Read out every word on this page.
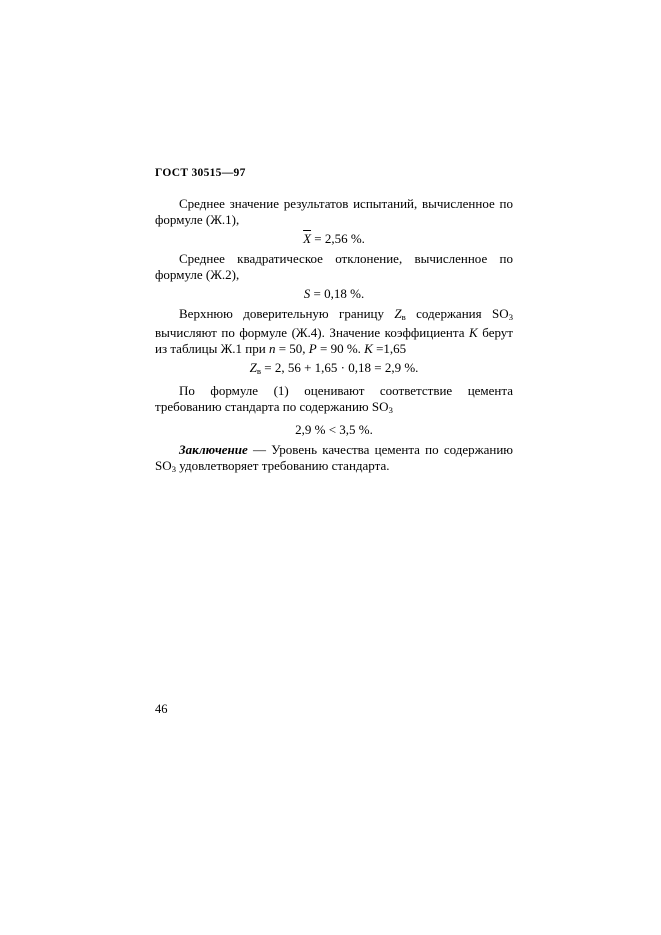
ГОСТ 30515—97

Среднее значение результатов испытаний, вычисленное по формуле (Ж.1),

$\overline{X} = 2,56$ %.

Среднее квадратическое отклонение, вычисленное по формуле (Ж.2),

S = 0,18 %.

Верхнюю доверительную границу $Z_в$ содержания $SO_3$ вычисляют по формуле (Ж.4). Значение коэффициента K берут из таблицы Ж.1 при n = 50, P = 90 %. K =1,65

$Z_в = 2$, 56 + 1,65 · 0,18 = 2,9 %.

По формуле (1) оценивают соответствие цемента требованию стандарта по содержанию $SO_3$

2,9 % < 3,5 %.

Заключение — Уровень качества цемента по содержанию $SO_3$ удовлетворяет требованию стандарта.

46
